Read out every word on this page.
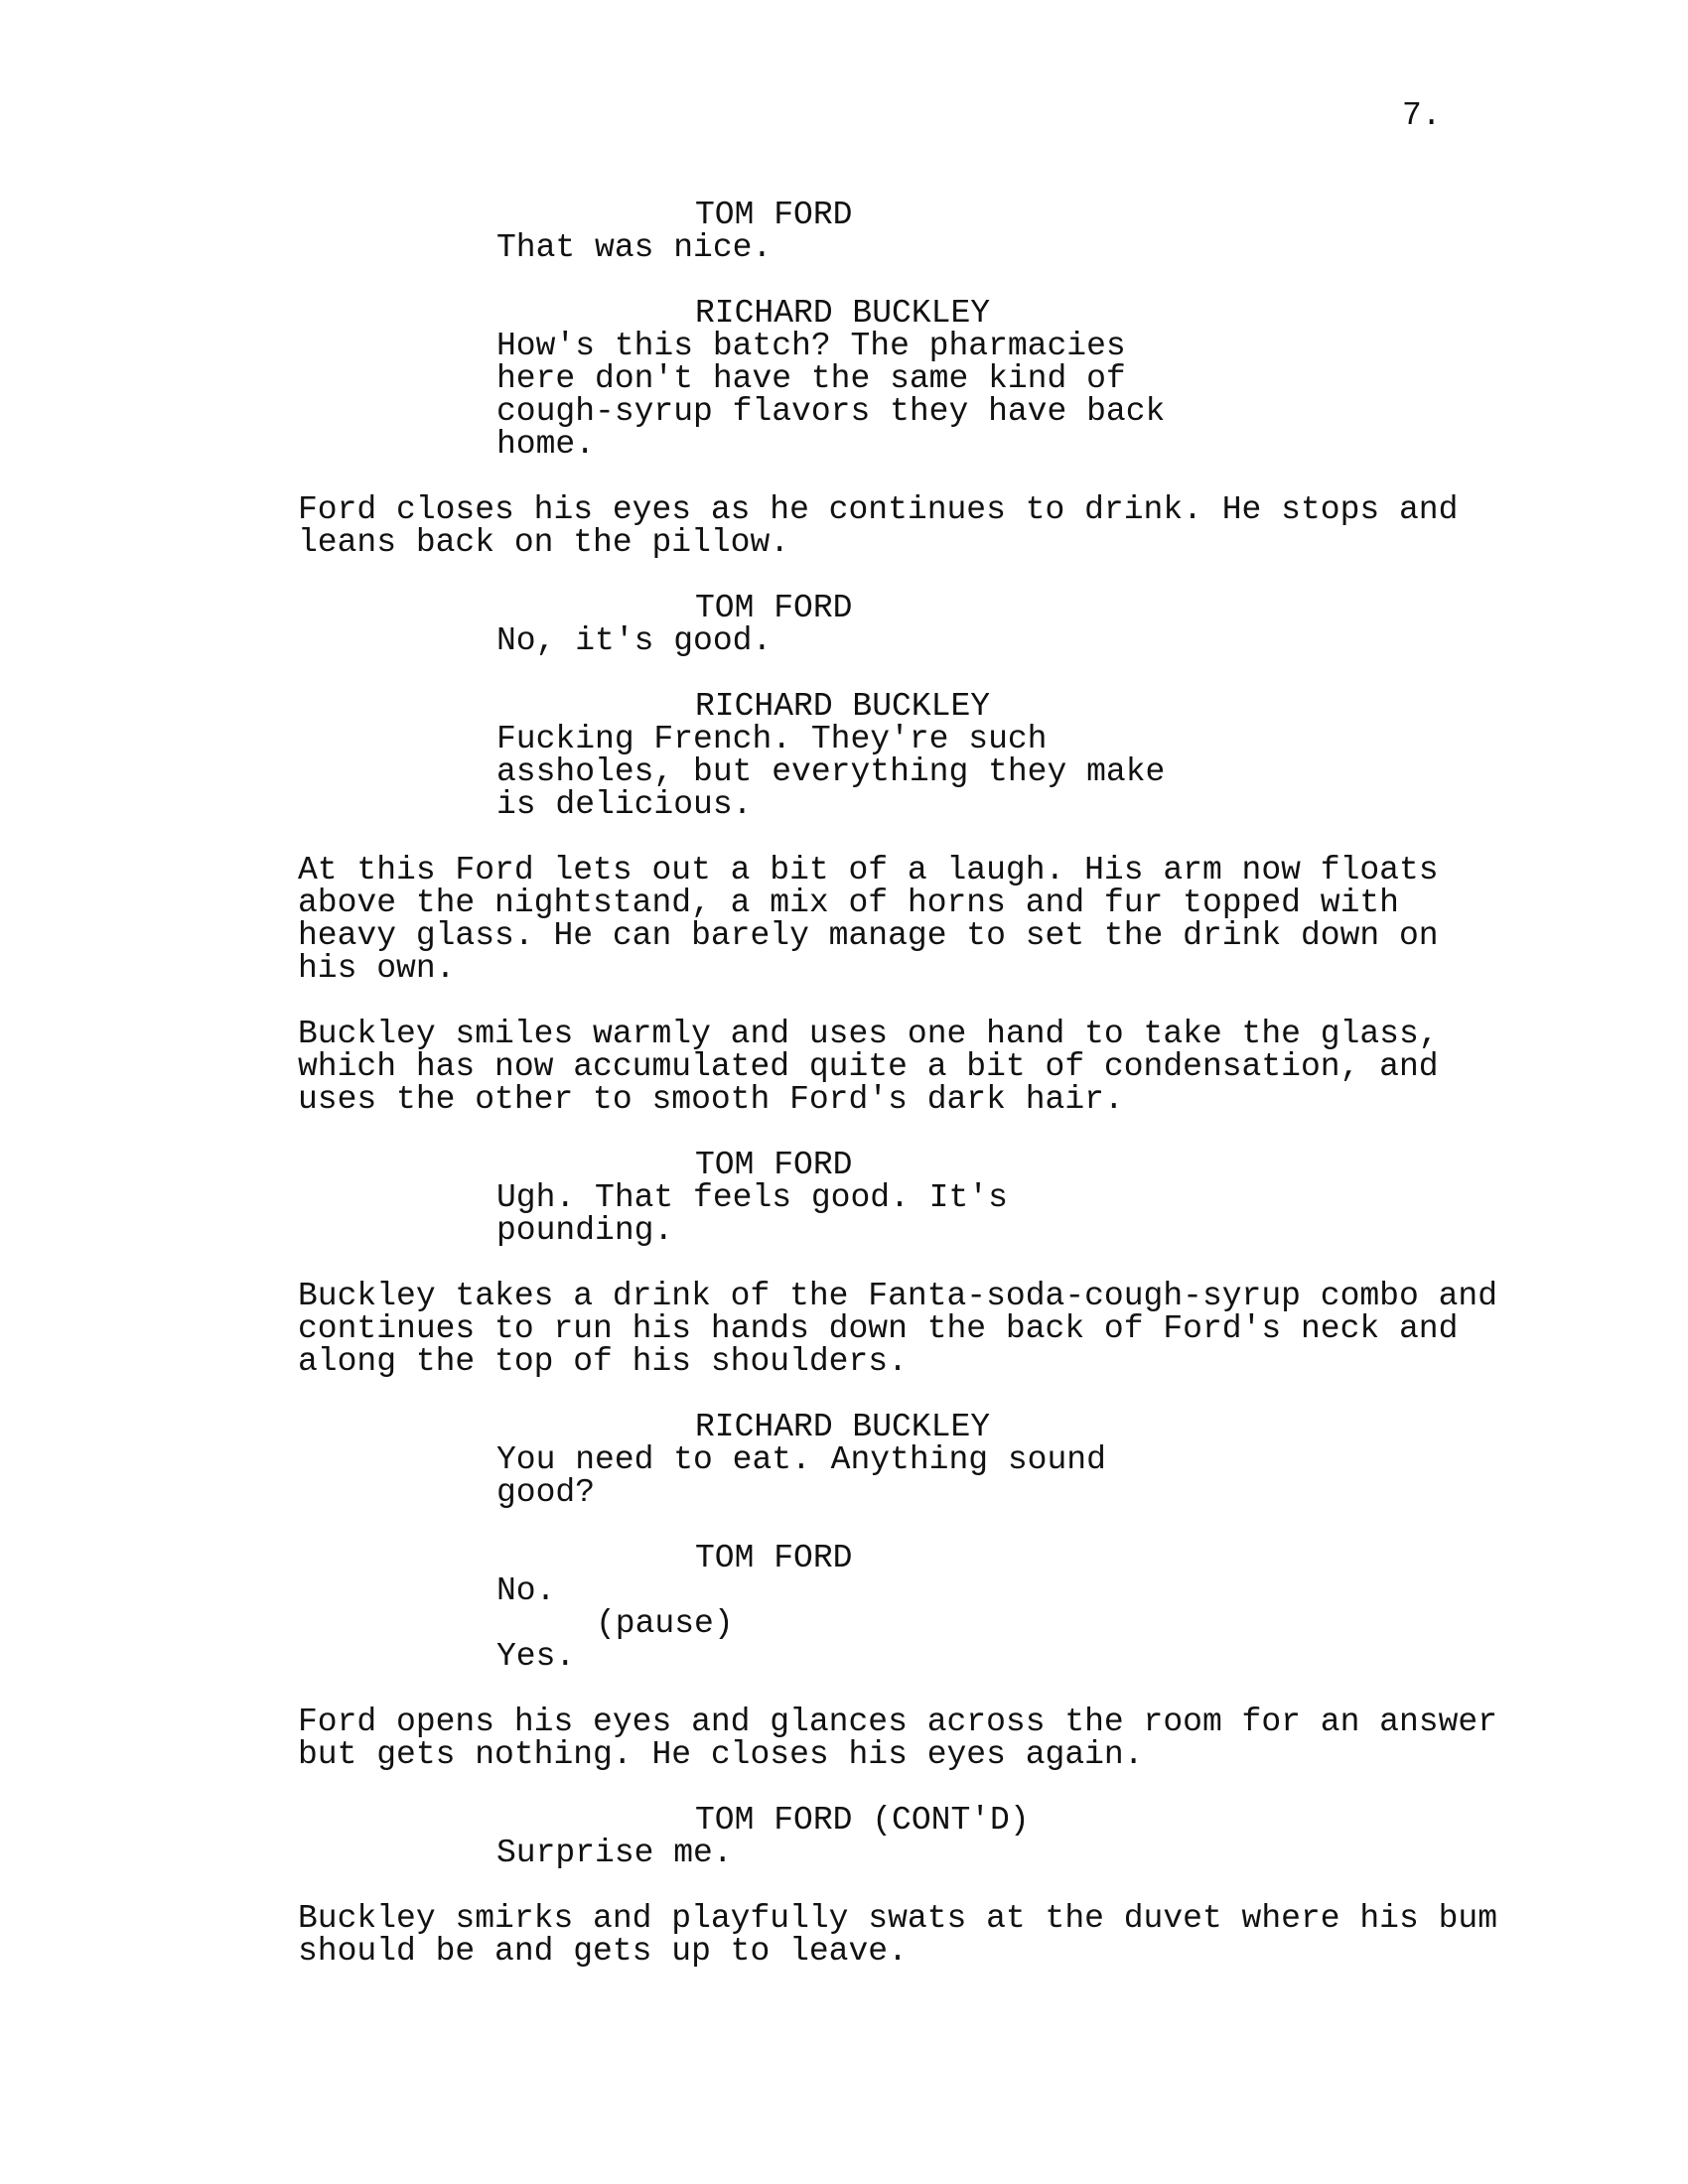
7.
TOM FORD
That was nice.
RICHARD BUCKLEY
How's this batch? The pharmacies
here don't have the same kind of
cough-syrup flavors they have back
home.
Ford closes his eyes as he continues to drink. He stops and
leans back on the pillow.
TOM FORD
No, it's good.
RICHARD BUCKLEY
Fucking French. They're such
assholes, but everything they make
is delicious.
At this Ford lets out a bit of a laugh. His arm now floats
above the nightstand, a mix of horns and fur topped with
heavy glass. He can barely manage to set the drink down on
his own.
Buckley smiles warmly and uses one hand to take the glass,
which has now accumulated quite a bit of condensation, and
uses the other to smooth Ford's dark hair.
TOM FORD
Ugh. That feels good. It's
pounding.
Buckley takes a drink of the Fanta-soda-cough-syrup combo and
continues to run his hands down the back of Ford's neck and
along the top of his shoulders.
RICHARD BUCKLEY
You need to eat. Anything sound
good?
TOM FORD
No.
(pause)
Yes.
Ford opens his eyes and glances across the room for an answer
but gets nothing. He closes his eyes again.
TOM FORD (CONT'D)
Surprise me.
Buckley smirks and playfully swats at the duvet where his bum
should be and gets up to leave.
